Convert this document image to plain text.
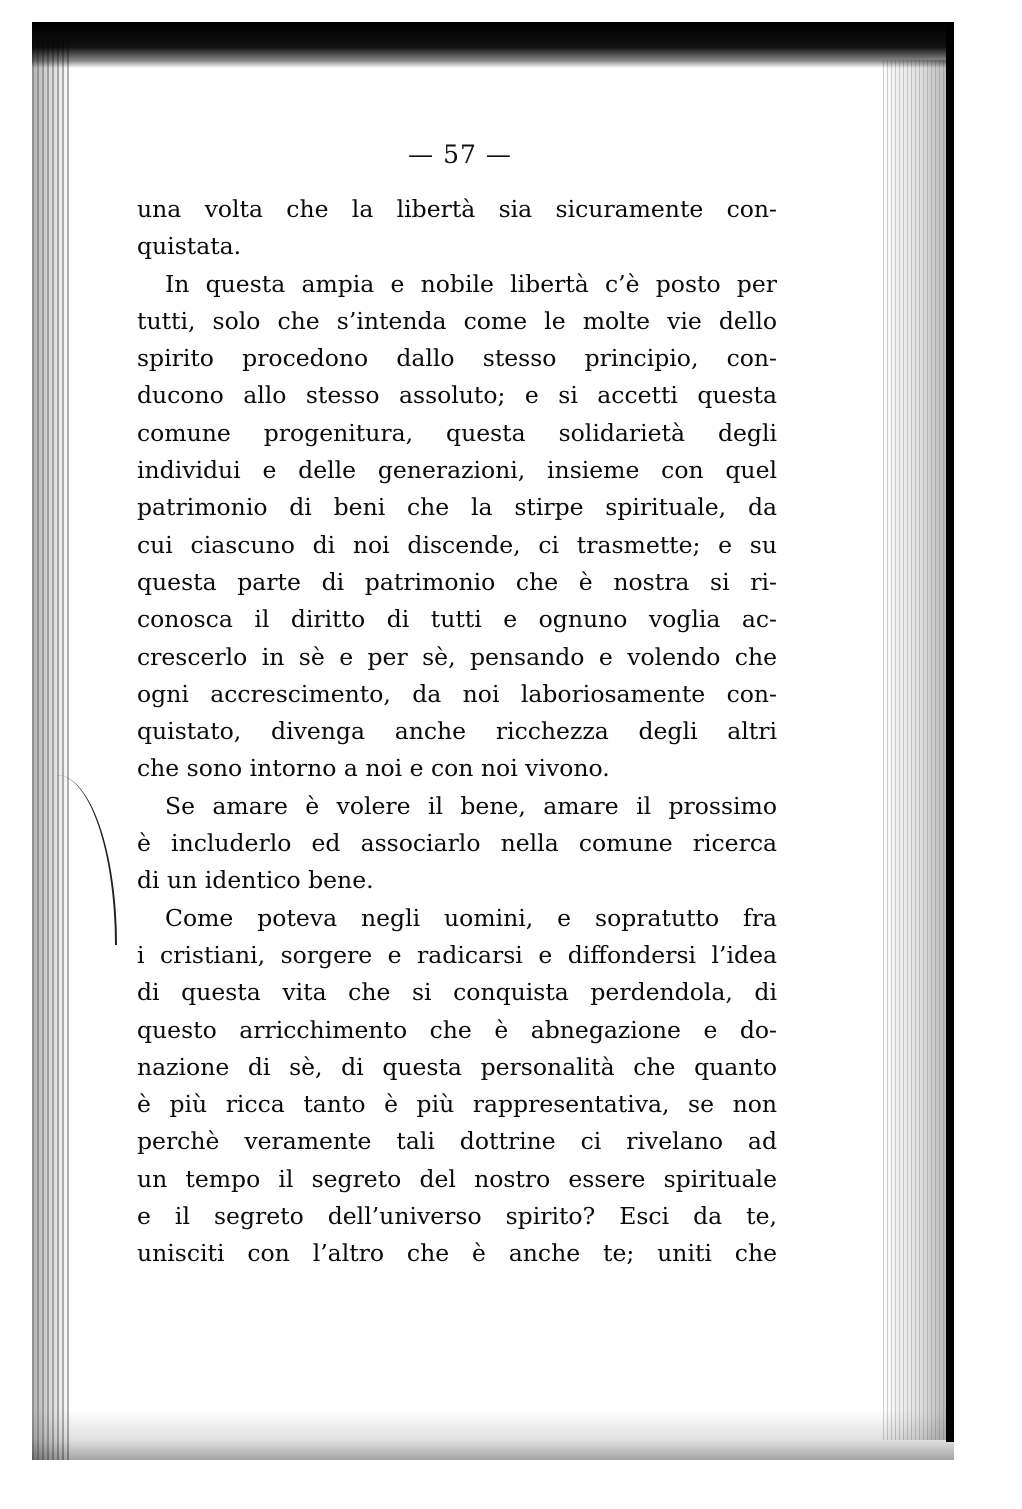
— 57 —
una volta che la libertà sia sicuramente con-
quistata.
In questa ampia e nobile libertà c’è posto per
tutti, solo che s’intenda come le molte vie dello
spirito procedono dallo stesso principio, con-
ducono allo stesso assoluto; e si accetti questa
comune progenitura, questa solidarietà degli
individui e delle generazioni, insieme con quel
patrimonio di beni che la stirpe spirituale, da
cui ciascuno di noi discende, ci trasmette; e su
questa parte di patrimonio che è nostra si ri-
conosca il diritto di tutti e ognuno voglia ac-
crescerlo in sè e per sè, pensando e volendo che
ogni accrescimento, da noi laboriosamente con-
quistato, divenga anche ricchezza degli altri
che sono intorno a noi e con noi vivono.
Se amare è volere il bene, amare il prossimo
è includerlo ed associarlo nella comune ricerca
di un identico bene.
Come poteva negli uomini, e sopratutto fra
i cristiani, sorgere e radicarsi e diffondersi l’idea
di questa vita che si conquista perdendola, di
questo arricchimento che è abnegazione e do-
nazione di sè, di questa personalità che quanto
è più ricca tanto è più rappresentativa, se non
perchè veramente tali dottrine ci rivelano ad
un tempo il segreto del nostro essere spirituale
e il segreto dell’universo spirito? Esci da te,
unisciti con l’altro che è anche te; uniti che
